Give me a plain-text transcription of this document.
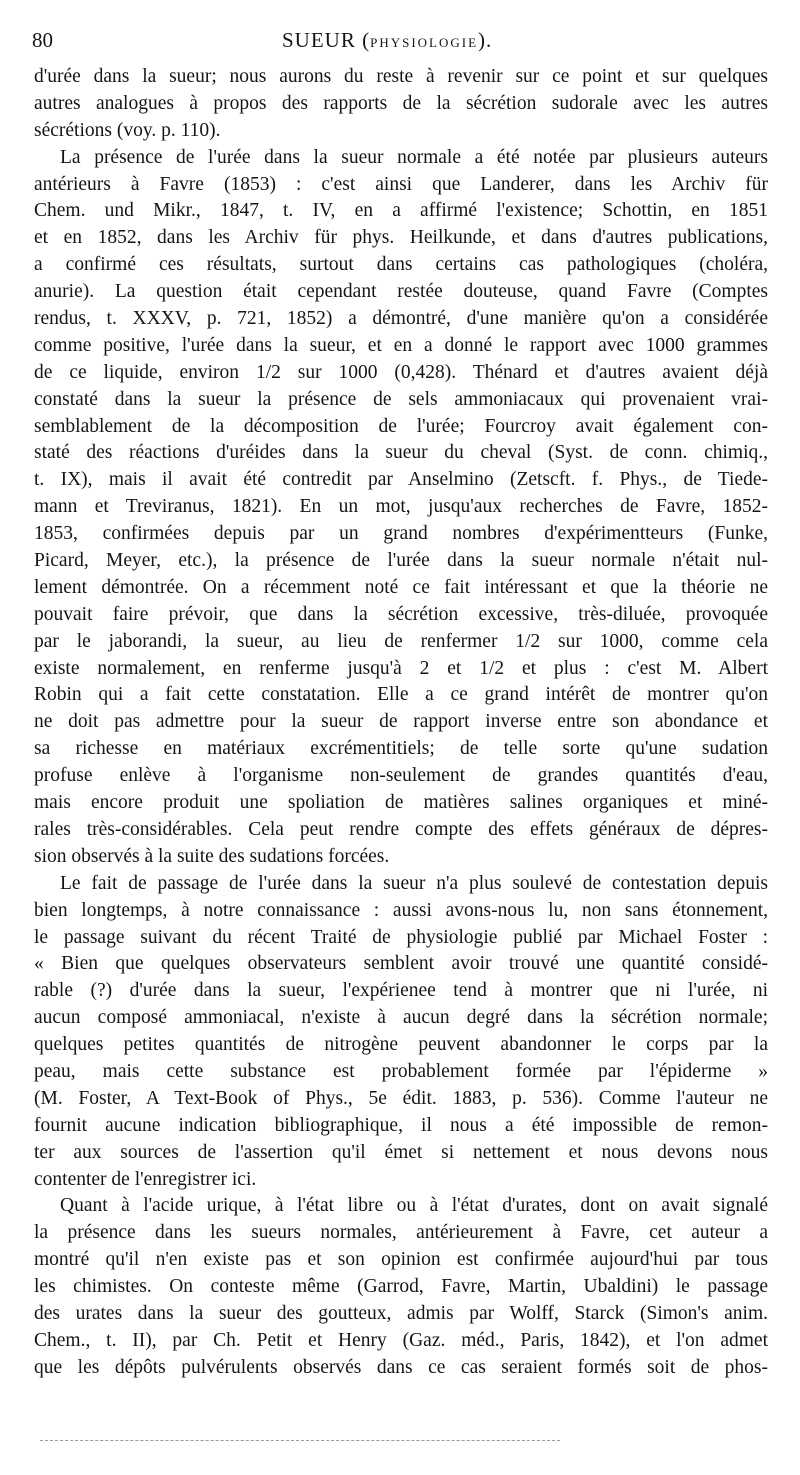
80	SUEUR (PHYSIOLOGIE).
d'urée dans la sueur; nous aurons du reste à revenir sur ce point et sur quelques
autres analogues à propos des rapports de la sécrétion sudorale avec les autres
sécrétions (voy. p. 110).
La présence de l'urée dans la sueur normale a été notée par plusieurs auteurs
antérieurs à Favre (1853) : c'est ainsi que Landerer, dans les Archiv für
Chem. und Mikr., 1847, t. IV, en a affirmé l'existence; Schottin, en 1851
et en 1852, dans les Archiv für phys. Heilkunde, et dans d'autres publications,
a confirmé ces résultats, surtout dans certains cas pathologiques (choléra,
anurie). La question était cependant restée douteuse, quand Favre (Comptes
rendus, t. XXXV, p. 721, 1852) a démontré, d'une manière qu'on a considérée
comme positive, l'urée dans la sueur, et en a donné le rapport avec 1000 grammes
de ce liquide, environ 1/2 sur 1000 (0,428). Thénard et d'autres avaient déjà
constaté dans la sueur la présence de sels ammoniacaux qui provenaient vrai-
semblablement de la décomposition de l'urée; Fourcroy avait également con-
staté des réactions d'uréides dans la sueur du cheval (Syst. de conn. chimiq.,
t. IX), mais il avait été contredit par Anselmino (Zetscft. f. Phys., de Tiede-
mann et Treviranus, 1821). En un mot, jusqu'aux recherches de Favre, 1852-
1853, confirmées depuis par un grand nombres d'expérimentteurs (Funke,
Picard, Meyer, etc.), la présence de l'urée dans la sueur normale n'était nul-
lement démontrée. On a récemment noté ce fait intéressant et que la théorie ne
pouvait faire prévoir, que dans la sécrétion excessive, très-diluée, provoquée
par le jaborandi, la sueur, au lieu de renfermer 1/2 sur 1000, comme cela
existe normalement, en renferme jusqu'à 2 et 1/2 et plus : c'est M. Albert
Robin qui a fait cette constatation. Elle a ce grand intérêt de montrer qu'on
ne doit pas admettre pour la sueur de rapport inverse entre son abondance et
sa richesse en matériaux excrémentitiels; de telle sorte qu'une sudation
profuse enlève à l'organisme non-seulement de grandes quantités d'eau,
mais encore produit une spoliation de matières salines organiques et miné-
rales très-considérables. Cela peut rendre compte des effets généraux de dépres-
sion observés à la suite des sudations forcées.
Le fait de passage de l'urée dans la sueur n'a plus soulevé de contestation depuis
bien longtemps, à notre connaissance : aussi avons-nous lu, non sans étonnement,
le passage suivant du récent Traité de physiologie publié par Michael Foster :
« Bien que quelques observateurs semblent avoir trouvé une quantité considé-
rable (?) d'urée dans la sueur, l'expérienee tend à montrer que ni l'urée, ni
aucun composé ammoniacal, n'existe à aucun degré dans la sécrétion normale;
quelques petites quantités de nitrogène peuvent abandonner le corps par la
peau, mais cette substance est probablement formée par l'épiderme »
(M. Foster, A Text-Book of Phys., 5e édit. 1883, p. 536). Comme l'auteur ne
fournit aucune indication bibliographique, il nous a été impossible de remon-
ter aux sources de l'assertion qu'il émet si nettement et nous devons nous
contenter de l'enregistrer ici.
Quant à l'acide urique, à l'état libre ou à l'état d'urates, dont on avait signalé
la présence dans les sueurs normales, antérieurement à Favre, cet auteur a
montré qu'il n'en existe pas et son opinion est confirmée aujourd'hui par tous
les chimistes. On conteste même (Garrod, Favre, Martin, Ubaldini) le passage
des urates dans la sueur des goutteux, admis par Wolff, Starck (Simon's anim.
Chem., t. II), par Ch. Petit et Henry (Gaz. méd., Paris, 1842), et l'on admet
que les dépôts pulvérulents observés dans ce cas seraient formés soit de phos-
